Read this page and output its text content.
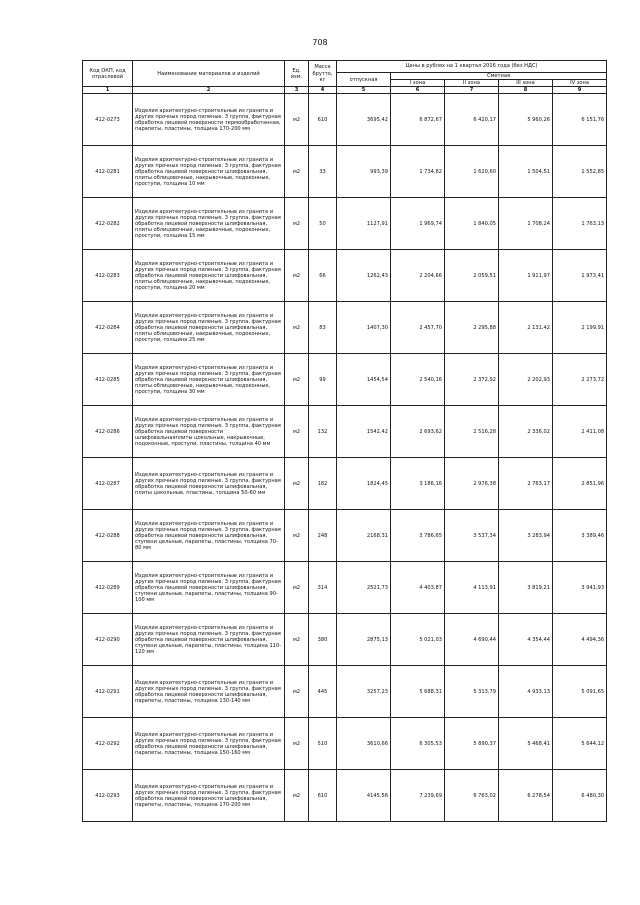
708
Код ОКП, код отраслевой	Наименование материалов и изделий	Ед. изм.	Масса брутто, кг	Цены в рублях на 1 квартал 2016 года (без НДС)				
				отпускная	Сметная			
					I зона	II зона	III зона	IV зона
1	2	3	4	5	6	7	8	9
412-0273	Изделия архитектурно-строительные из гранита и других прочных пород пиленые. 3 группа, фактурная обработка лицевой поверхности термообработанная, парапеты, пластины, толщина 170-200 мм	м2	610	3695,42	6 872,67	6 420,17	5 960,26	6 151,76
412-0281	Изделия архитектурно-строительные из гранита и других прочных пород пиленые. 3 группа, фактурная обработка лицевой поверхности шлифовальная, плиты облицовочные, накрывочные, подоконные, проступи, толщина 10 мм	м2	33	993,39	1 734,82	1 620,60	1 504,51	1 552,85
412-0282	Изделия архитектурно-строительные из гранита и других прочных пород пиленые. 3 группа, фактурная обработка лицевой поверхности шлифовальная, плиты облицовочные, накрывочные, подоконные, проступи, толщина 15 мм	м2	50	1127,91	1 969,74	1 840,05	1 708,24	1 763,13
412-0283	Изделия архитектурно-строительные из гранита и других прочных пород пиленые. 3 группа, фактурная обработка лицевой поверхности шлифовальная, плиты облицовочные, накрывочные, подоконные, проступи, толщина 20 мм	м2	66	1262,43	2 204,66	2 059,51	1 911,97	1 973,41
412-0284	Изделия архитектурно-строительные из гранита и других прочных пород пиленые. 3 группа, фактурная обработка лицевой поверхности шлифовальная, плиты облицовочные, накрывочные, подоконные, проступи, толщина 25 мм	м2	83	1407,30	2 457,70	2 295,88	2 131,42	2 199,91
412-0285	Изделия архитектурно-строительные из гранита и других прочных пород пиленые. 3 группа, фактурная обработка лицевой поверхности шлифовальная, плиты облицовочные, накрывочные, подоконные, проступи, толщина 30 мм	м2	99	1454,54	2 540,16	2 372,92	2 202,93	2 273,72
412-0286	Изделия архитектурно-строительные из гранита и других прочных пород пиленые. 3 группа, фактурная обработка лицевой поверхности шлифовальнаяплиты цокольные, накрывочные, подоконные, проступи, пластины, толщина 40 мм	м2	132	1542,42	2 693,62	2 516,28	2 336,02	2 411,08
412-0287	Изделия архитектурно-строительные из гранита и других прочных пород пиленые. 3 группа, фактурная обработка лицевой поверхности шлифовальная, плиты цокольные, пластины, толщина 50-60 мм	м2	182	1824,45	3 186,16	2 976,38	2 763,17	2 851,96
412-0288	Изделия архитектурно-строительные из гранита и других прочных пород пиленые. 3 группа, фактурная обработка лицевой поверхности шлифовальная, ступени цельные, парапеты, пластины, толщина 70-80 мм	м2	248	2168,31	3 786,65	3 537,34	3 283,94	3 389,46
412-0289	Изделия архитектурно-строительные из гранита и других прочных пород пиленые. 3 группа, фактурная обработка лицевой поверхности шлифовальная, ступени цельные, парапеты, пластины, толщина 90-100 мм	м2	314	2521,73	4 403,87	4 113,91	3 819,21	3 941,93
412-0290	Изделия архитектурно-строительные из гранита и других прочных пород пиленые. 3 группа, фактурная обработка лицевой поверхности шлифовальная, ступени цельные, парапеты, пластины, толщина 110-120 мм	м2	380	2875,13	5 021,03	4 690,44	4 354,44	4 494,36
412-0291	Изделия архитектурно-строительные из гранита и других прочных пород пиленые. 3 группа, фактурная обработка лицевой поверхности шлифовальная, парапеты, пластины, толщина 130-140 мм	м2	445	3257,23	5 688,31	5 313,79	4 933,13	5 091,65
412-0292	Изделия архитектурно-строительные из гранита и других прочных пород пиленые. 3 группа, фактурная обработка лицевой поверхности шлифовальная, парапеты, пластины, толщина 150-160 мм	м2	510	3610,66	6 305,53	5 890,37	5 468,41	5 644,12
412-0293	Изделия архитектурно-строительные из гранита и других прочных пород пиленые. 3 группа, фактурная обработка лицевой поверхности шлифовальная, парапеты, пластины, толщина 170-200 мм	м2	610	4145,56	7 239,69	6 763,02	6 278,54	6 480,30
